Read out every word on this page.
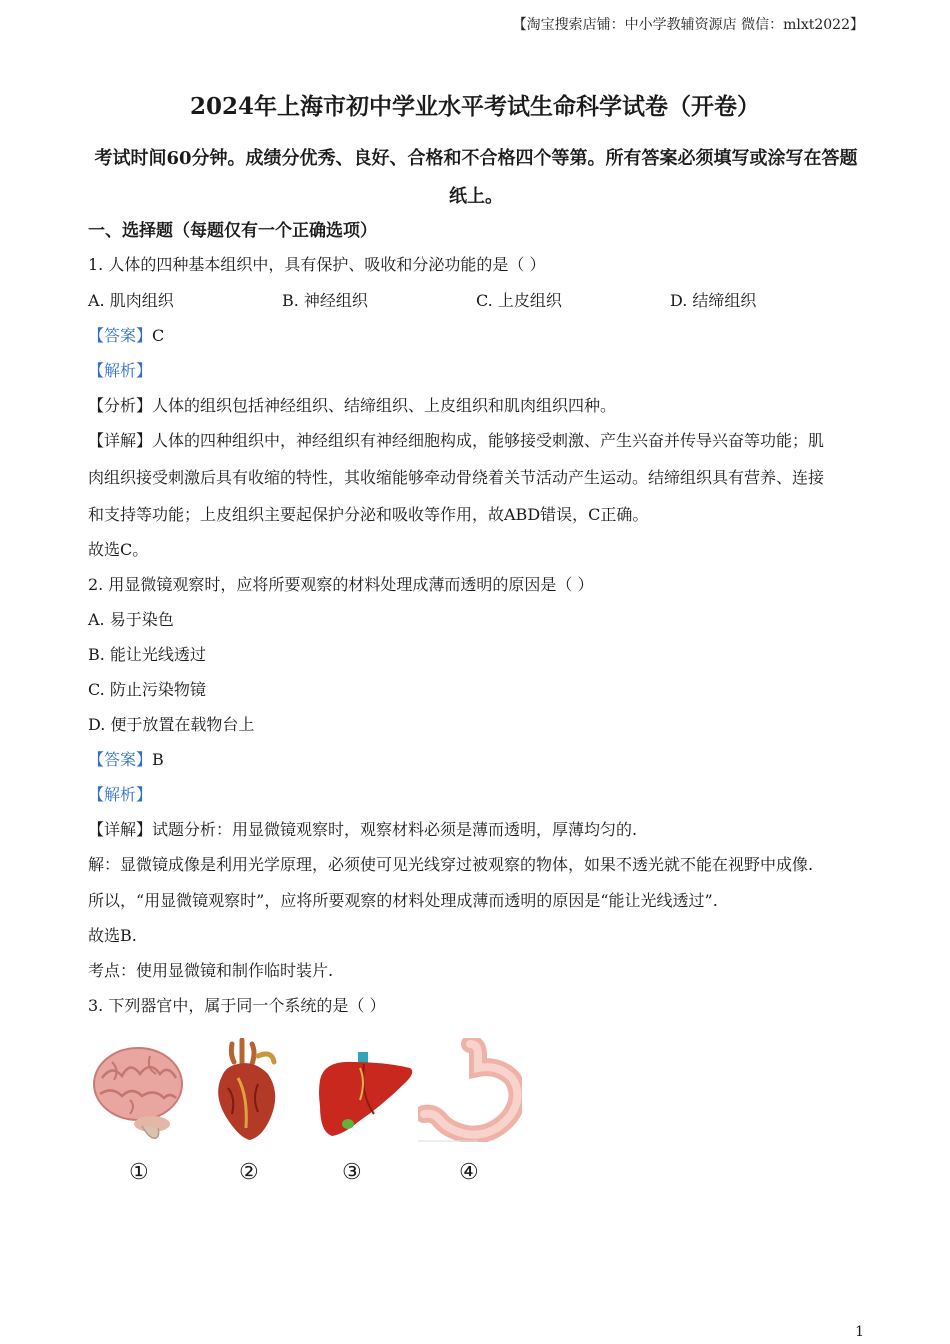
【淘宝搜索店铺：中小学教辅资源店 微信：mlxt2022】
2024年上海市初中学业水平考试生命科学试卷（开卷）
考试时间60分钟。成绩分优秀、良好、合格和不合格四个等第。所有答案必须填写或涂写在答题纸上。
一、选择题（每题仅有一个正确选项）
1. 人体的四种基本组织中，具有保护、吸收和分泌功能的是（ ）
A. 肌肉组织	B. 神经组织	C. 上皮组织	D. 结缔组织
【答案】C
【解析】
【分析】人体的组织包括神经组织、结缔组织、上皮组织和肌肉组织四种。
【详解】人体的四种组织中，神经组织有神经细胞构成，能够接受刺激、产生兴奋并传导兴奋等功能；肌
肉组织接受刺激后具有收缩的特性，其收缩能够牵动骨绕着关节活动产生运动。结缔组织具有营养、连接
和支持等功能；上皮组织主要起保护分泌和吸收等作用，故ABD错误，C正确。
故选C。
2. 用显微镜观察时，应将所要观察的材料处理成薄而透明的原因是（ ）
A. 易于染色
B. 能让光线透过
C. 防止污染物镜
D. 便于放置在载物台上
【答案】B
【解析】
【详解】试题分析：用显微镜观察时，观察材料必须是薄而透明，厚薄均匀的.
解：显微镜成像是利用光学原理，必须使可见光线穿过被观察的物体，如果不透光就不能在视野中成像.
所以，“用显微镜观察时”，应将所要观察的材料处理成薄而透明的原因是“能让光线透过”.
故选B.
考点：使用显微镜和制作临时装片.
3. 下列器官中，属于同一个系统的是（ ）
①	②	③	④
1
